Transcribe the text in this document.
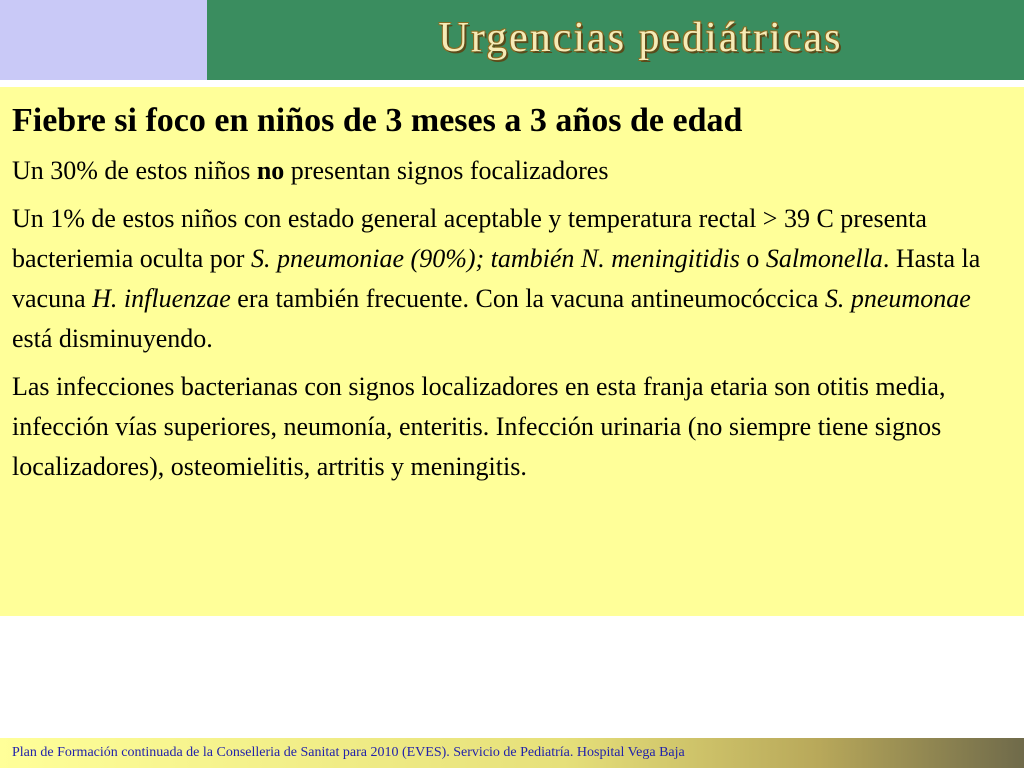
Urgencias pediátricas
Fiebre si foco en niños de 3 meses a 3 años de edad

Un 30% de estos niños no presentan signos focalizadores

Un 1% de estos niños con estado general aceptable y temperatura rectal > 39 C presenta bacteriemia oculta por S. pneumoniae (90%); también N. meningitidis o Salmonella. Hasta la vacuna H. influenzae era también frecuente. Con la vacuna antineumocóccica S. pneumonae está disminuyendo.

Las infecciones bacterianas con signos localizadores en esta franja etaria son otitis media, infección vías superiores, neumonía, enteritis. Infección urinaria (no siempre tiene signos localizadores), osteomielitis, artritis y meningitis.

Plan de Formación continuada de la Conselleria de Sanitat para 2010 (EVES). Servicio de Pediatría. Hospital Vega Baja
